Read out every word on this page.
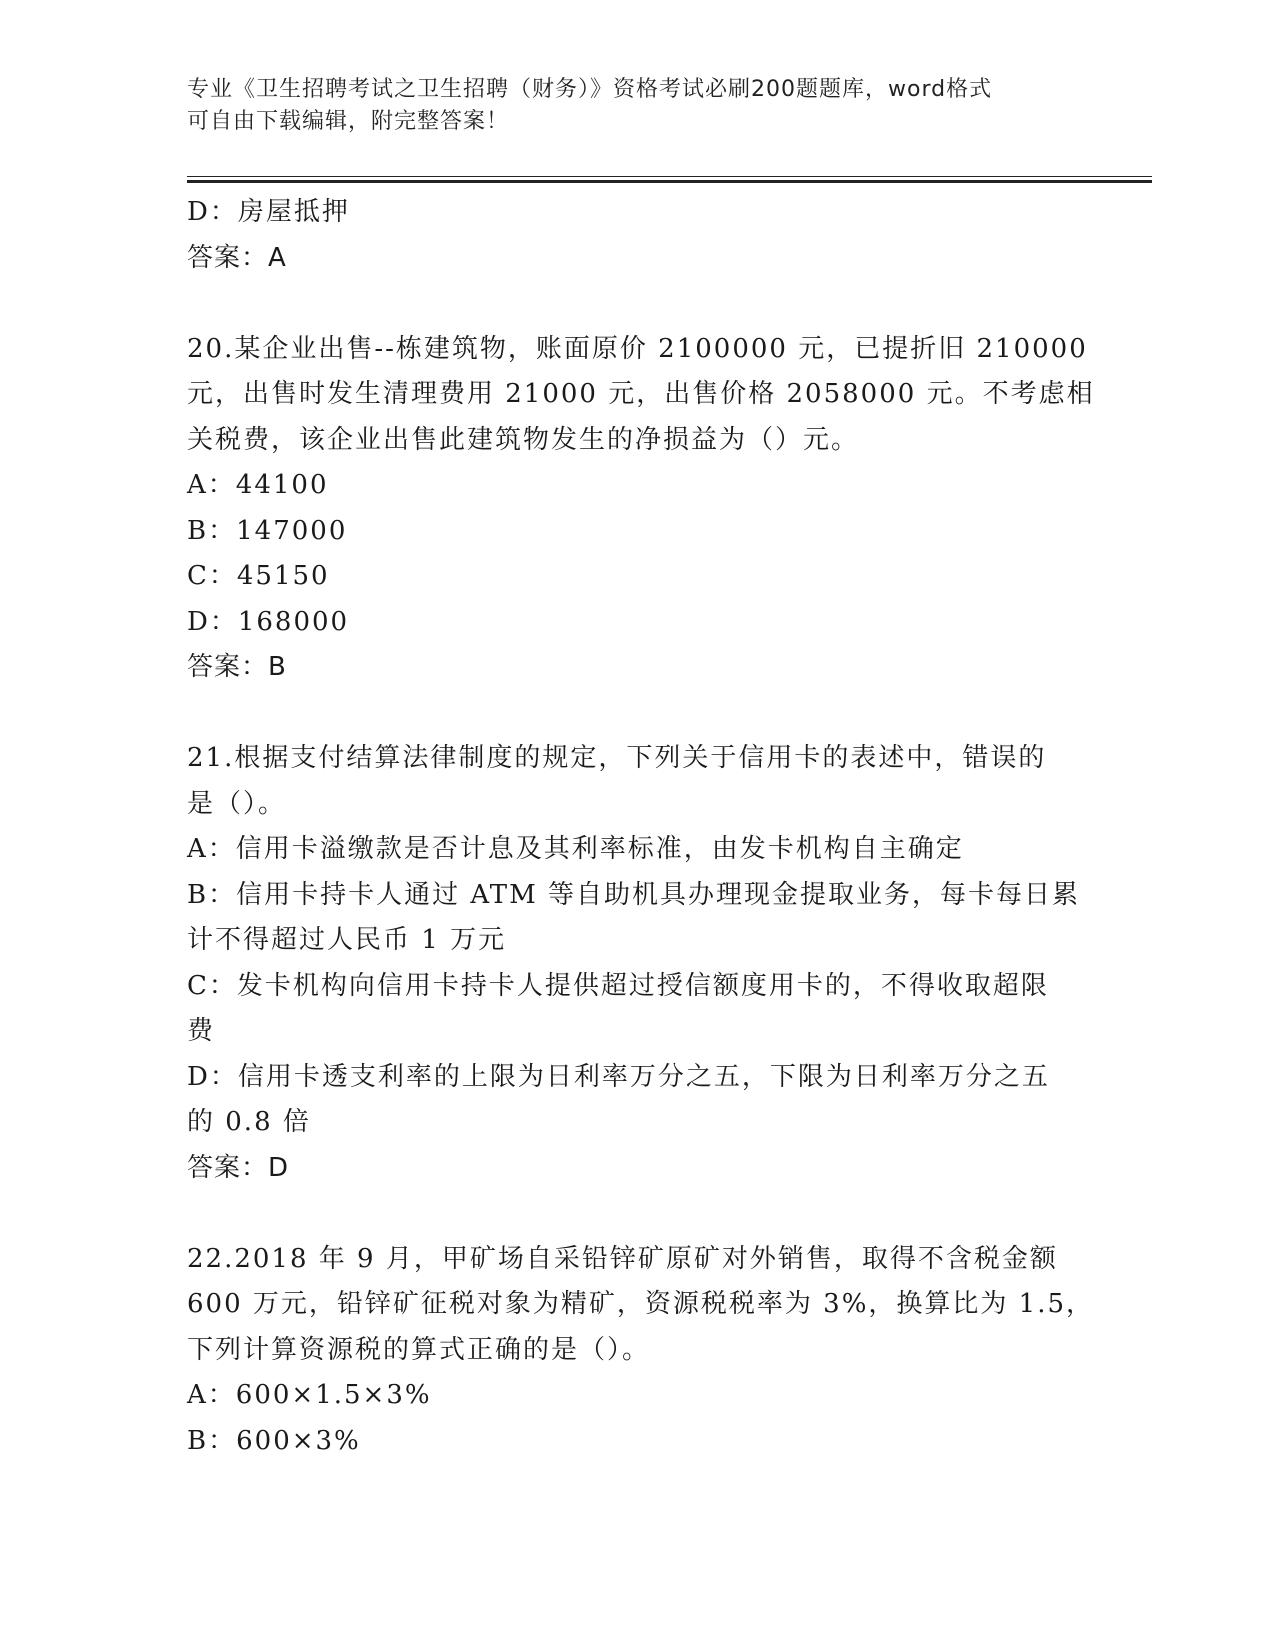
专业《卫生招聘考试之卫生招聘（财务）》资格考试必刷200题题库，word格式
可自由下载编辑，附完整答案！
D：房屋抵押
答案：A
20.某企业出售--栋建筑物，账面原价 2100000 元，已提折旧 210000
元，出售时发生清理费用 21000 元，出售价格 2058000 元。不考虑相
关税费，该企业出售此建筑物发生的净损益为（）元。
A：44100
B：147000
C：45150
D：168000
答案：B
21.根据支付结算法律制度的规定，下列关于信用卡的表述中，错误的
是（）。
A：信用卡溢缴款是否计息及其利率标准，由发卡机构自主确定
B：信用卡持卡人通过 ATM 等自助机具办理现金提取业务，每卡每日累
计不得超过人民币 1 万元
C：发卡机构向信用卡持卡人提供超过授信额度用卡的，不得收取超限
费
D：信用卡透支利率的上限为日利率万分之五，下限为日利率万分之五
的 0.8 倍
答案：D
22.2018 年 9 月，甲矿场自采铅锌矿原矿对外销售，取得不含税金额
600 万元，铅锌矿征税对象为精矿，资源税税率为 3%，换算比为 1.5，
下列计算资源税的算式正确的是（）。
A：600×1.5×3%
B：600×3%
